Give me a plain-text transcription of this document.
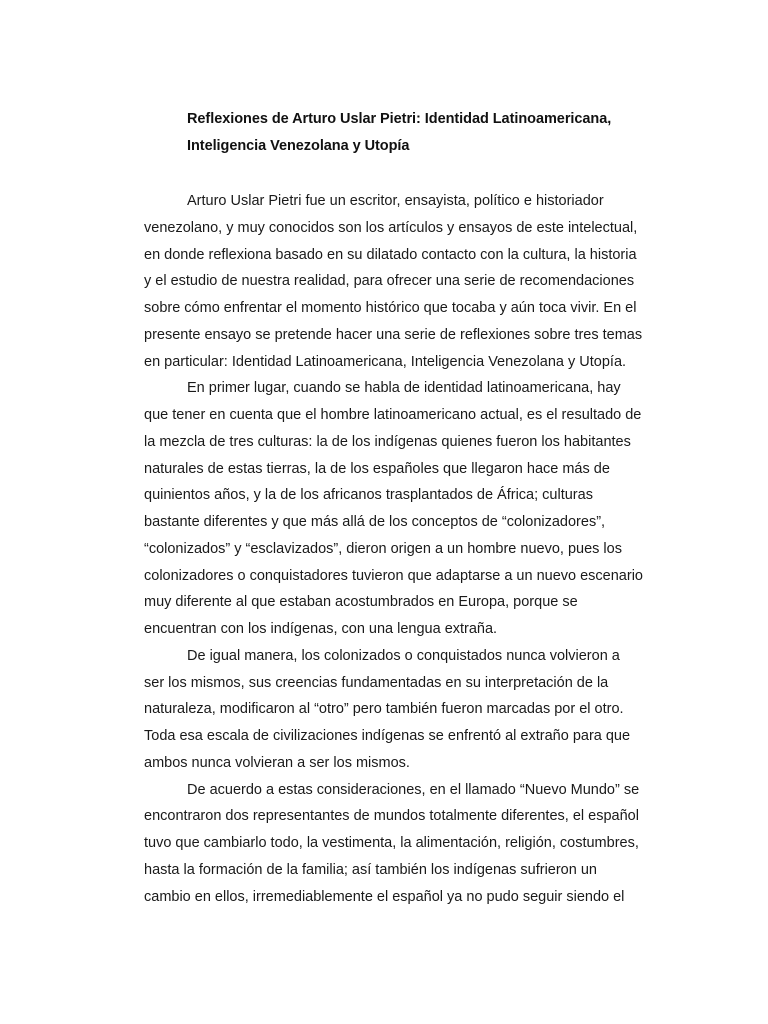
Reflexiones de Arturo Uslar Pietri: Identidad Latinoamericana,
Inteligencia Venezolana y Utopía
Arturo Uslar Pietri fue un escritor, ensayista, político e historiador
venezolano, y muy conocidos son los artículos y ensayos de este intelectual,
en donde reflexiona basado en su dilatado contacto con la cultura, la historia
y el estudio de nuestra realidad, para ofrecer una serie de recomendaciones
sobre cómo enfrentar el momento histórico que tocaba y aún toca vivir. En el
presente ensayo se pretende hacer una serie de reflexiones sobre tres temas
en particular: Identidad Latinoamericana, Inteligencia Venezolana y Utopía.
En primer lugar, cuando se habla de identidad latinoamericana, hay
que tener en cuenta que el hombre latinoamericano actual, es el resultado de
la mezcla de tres culturas: la de los indígenas quienes fueron los habitantes
naturales de estas tierras, la de los españoles que llegaron hace más de
quinientos años, y la de los africanos trasplantados de África; culturas
bastante diferentes y que más allá de los conceptos de “colonizadores”,
“colonizados” y “esclavizados”, dieron origen a un hombre nuevo, pues los
colonizadores o conquistadores tuvieron que adaptarse a un nuevo escenario
muy diferente al que estaban acostumbrados en Europa, porque se
encuentran con los indígenas, con una lengua extraña.
De igual manera, los colonizados o conquistados nunca volvieron a
ser los mismos, sus creencias fundamentadas en su interpretación de la
naturaleza, modificaron al “otro” pero también fueron marcadas por el otro.
Toda esa escala de civilizaciones indígenas se enfrentó al extraño para que
ambos nunca volvieran a ser los mismos.
De acuerdo a estas consideraciones, en el llamado “Nuevo Mundo” se
encontraron dos representantes de mundos totalmente diferentes, el español
tuvo que cambiarlo todo, la vestimenta, la alimentación, religión, costumbres,
hasta la formación de la familia; así también los indígenas sufrieron un
cambio en ellos, irremediablemente el español ya no pudo seguir siendo el
